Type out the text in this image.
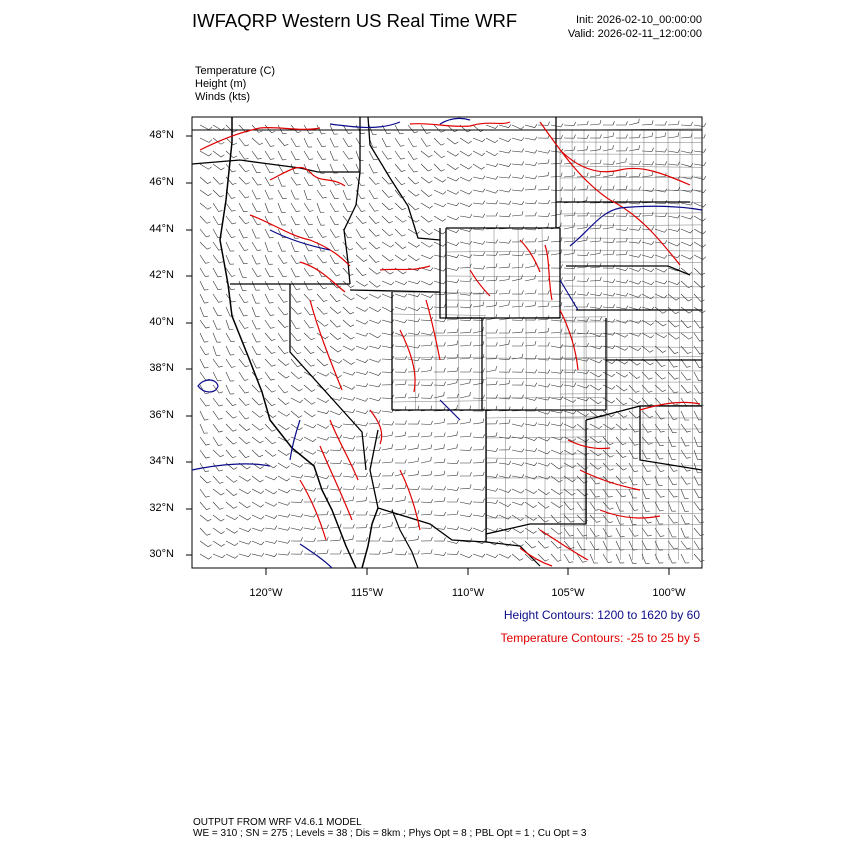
IWFAQRP Western US Real Time WRF	Init: 2026-02-10_00:00:00
Valid: 2026-02-11_12:00:00
Temperature (C)
Height (m)
Winds (kts)
48°N
46°N
44°N
42°N
40°N
38°N
36°N
34°N
32°N
30°N
120°W	115°W	110°W	105°W	100°W
Height Contours: 1200 to 1620 by 60
Temperature Contours: -25 to 25 by 5
OUTPUT FROM WRF V4.6.1 MODEL
WE = 310 ; SN = 275 ; Levels = 38 ; Dis = 8km ; Phys Opt = 8 ; PBL Opt = 1 ; Cu Opt = 3
